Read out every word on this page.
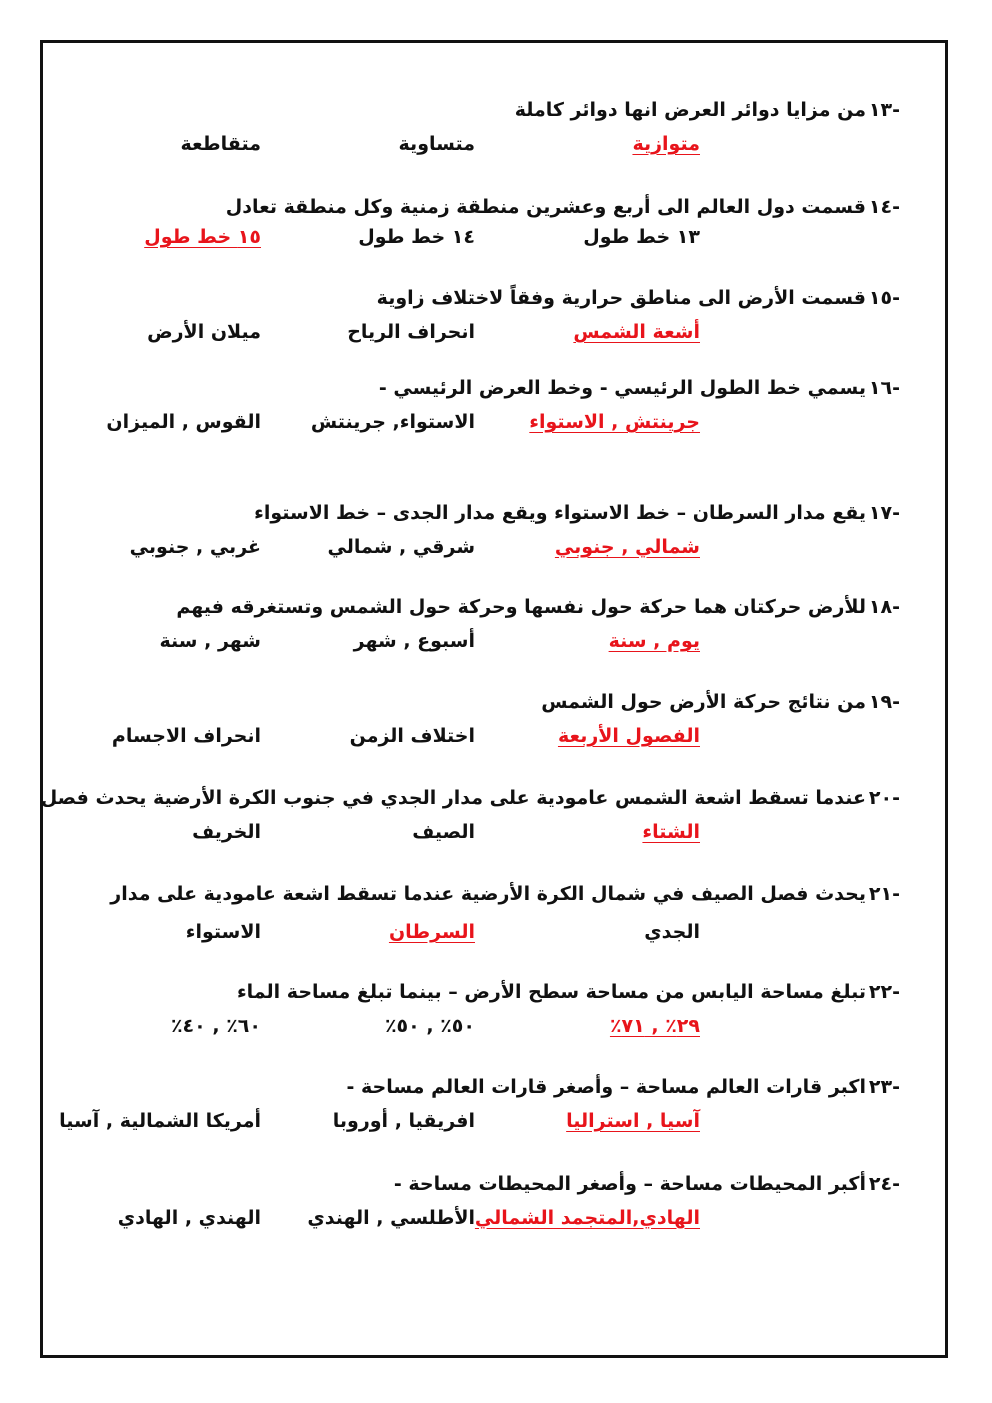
-١٣
من مزايا دوائر العرض انها دوائر كاملة
متوازية
متساوية
متقاطعة
-١٤
قسمت دول العالم الى أربع وعشرين منطقة زمنية وكل منطقة تعادل
١٣ خط طول
١٤ خط طول
١٥ خط طول
-١٥
قسمت الأرض الى مناطق حرارية وفقاً لاختلاف زاوية
أشعة الشمس
انحراف الرياح
ميلان الأرض
-١٦
يسمي خط الطول الرئيسي - وخط العرض الرئيسي -
جرينتش , الاستواء
الاستواء, جرينتش
القوس , الميزان
-١٧
يقع مدار السرطان – خط الاستواء ويقع مدار الجدى – خط الاستواء
شمالي , جنوبي
شرقي , شمالي
غربي , جنوبي
-١٨
للأرض حركتان هما حركة حول نفسها وحركة حول الشمس وتستغرقه فيهم
يوم , سنة
أسبوع , شهر
شهر , سنة
-١٩
من نتائج حركة الأرض حول الشمس
الفصول الأربعة
اختلاف الزمن
انحراف الاجسام
-٢٠
عندما تسقط اشعة الشمس عامودية على مدار الجدي في جنوب الكرة الأرضية يحدث فصل
الشتاء
الصيف
الخريف
-٢١
يحدث فصل الصيف في شمال الكرة الأرضية عندما تسقط اشعة عامودية على مدار
الجدي
السرطان
الاستواء
-٢٢
تبلغ مساحة اليابس من مساحة سطح الأرض – بينما تبلغ مساحة الماء
٢٩٪ , ٧١٪
٥٠٪ , ٥٠٪
٦٠٪ , ٤٠٪
-٢٣
اكبر قارات العالم مساحة – وأصغر قارات العالم مساحة -
آسيا , استراليا
افريقيا , أوروبا
أمريكا الشمالية , آسيا
-٢٤
أكبر المحيطات مساحة – وأصغر المحيطات مساحة -
الهادي,المتجمد الشمالي
الأطلسي , الهندي
الهندي , الهادي
